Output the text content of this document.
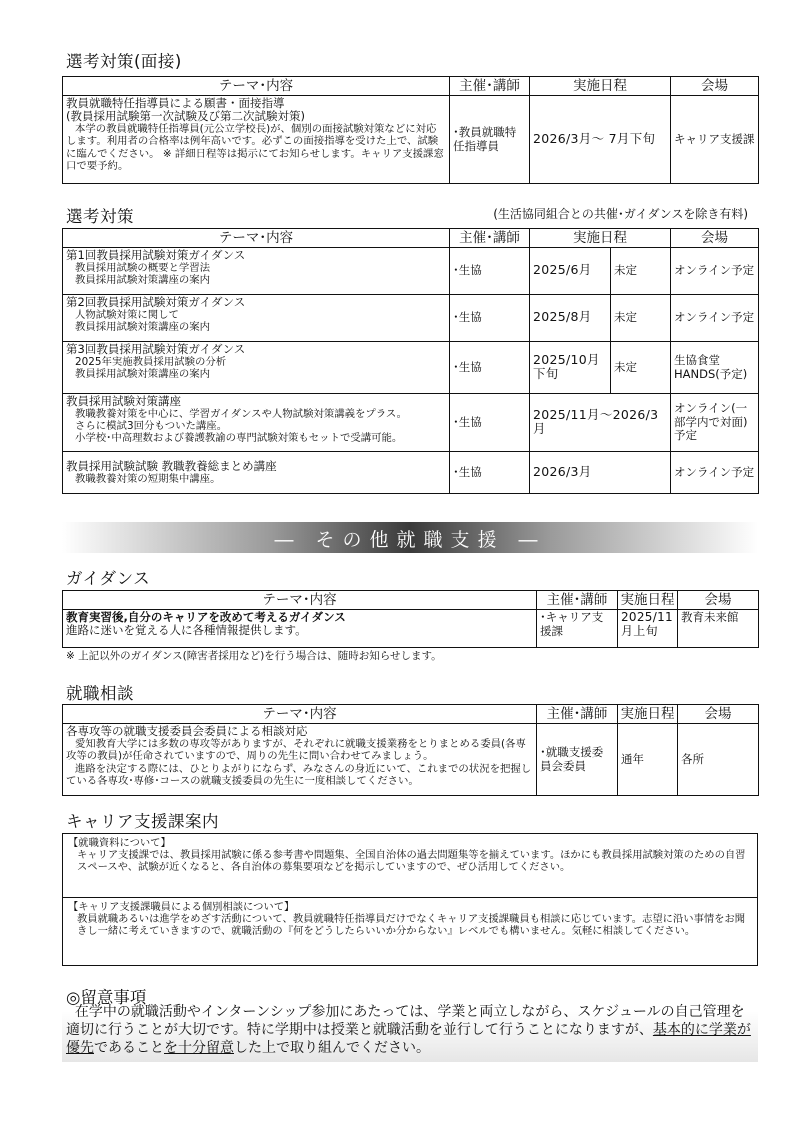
選考対策(面接)
テーマ･内容	主催･講師	実施日程	会場

教員就職特任指導員による願書・面接指導
(教員採用試験第一次試験及び第二次試験対策)
本学の教員就職特任指導員(元公立学校長)が、個別の面接試験対策などに対応します。利用者の合格率は例年高いです。必ずこの面接指導を受けた上で、試験に臨んでください。 ※ 詳細日程等は掲示にてお知らせします。キャリア支援課窓口で要予約。	･教員就職特任指導員	2026/3月～ 7月下旬	キャリア支援課
選考対策	(生活協同組合との共催･ガイダンスを除き有料)
テーマ･内容	主催･講師	実施日程		会場

第1回教員採用試験対策ガイダンス
教員採用試験の概要と学習法
教員採用試験対策講座の案内	･生協	2025/6月	未定	オンライン予定

第2回教員採用試験対策ガイダンス
人物試験対策に関して
教員採用試験対策講座の案内	･生協	2025/8月	未定	オンライン予定

第3回教員採用試験対策ガイダンス
2025年実施教員採用試験の分析
教員採用試験対策講座の案内	･生協	2025/10月下旬	未定	生協食堂HANDS(予定)

教員採用試験対策講座
教職教養対策を中心に、学習ガイダンスや人物試験対策講義をプラス。
さらに模試3回分もついた講座。
小学校･中高理数および養護教諭の専門試験対策もセットで受講可能。	･生協	2025/11月～2026/3月		オンライン(一部学内で対面)予定

教員採用試験試験 教職教養総まとめ講座
教職教養対策の短期集中講座。	･生協	2026/3月		オンライン予定
― その他就職支援 ―
ガイダンス
テーマ･内容	主催･講師	実施日程	会場

教育実習後,自分のキャリアを改めて考えるガイダンス
進路に迷いを覚える人に各種情報提供します。	･キャリア支援課	2025/11月上旬	教育未来館
※ 上記以外のガイダンス(障害者採用など)を行う場合は、随時お知らせします。
就職相談
テーマ･内容	主催･講師	実施日程	会場

各専攻等の就職支援委員会委員による相談対応
愛知教育大学には多数の専攻等がありますが、それぞれに就職支援業務をとりまとめる委員(各専攻等の教員)が任命されていますので、周りの先生に問い合わせてみましょう。
進路を決定する際には、ひとりよがりにならず、みなさんの身近にいて、これまでの状況を把握している各専攻･専修･コースの就職支援委員の先生に一度相談してください。	･就職支援委員会委員	通年	各所
キャリア支援課案内
【就職資料について】
キャリア支援課では、教員採用試験に係る参考書や問題集、全国自治体の過去問題集等を揃えています。ほかにも教員採用試験対策のための自習スペースや、試験が近くなると、各自治体の募集要項などを掲示していますので、ぜひ活用してください。
【キャリア支援課職員による個別相談について】
教員就職あるいは進学をめざす活動について、教員就職特任指導員だけでなくキャリア支援課職員も相談に応じています。志望に沿い事情をお聞きし一緒に考えていきますので、就職活動の『何をどうしたらいいか分からない』レベルでも構いません。気軽に相談してください。
◎留意事項
在学中の就職活動やインターンシップ参加にあたっては、学業と両立しながら、スケジュールの自己管理を適切に行うことが大切です。特に学期中は授業と就職活動を並行して行うことになりますが、基本的に学業が優先であることを十分留意した上で取り組んでください。
